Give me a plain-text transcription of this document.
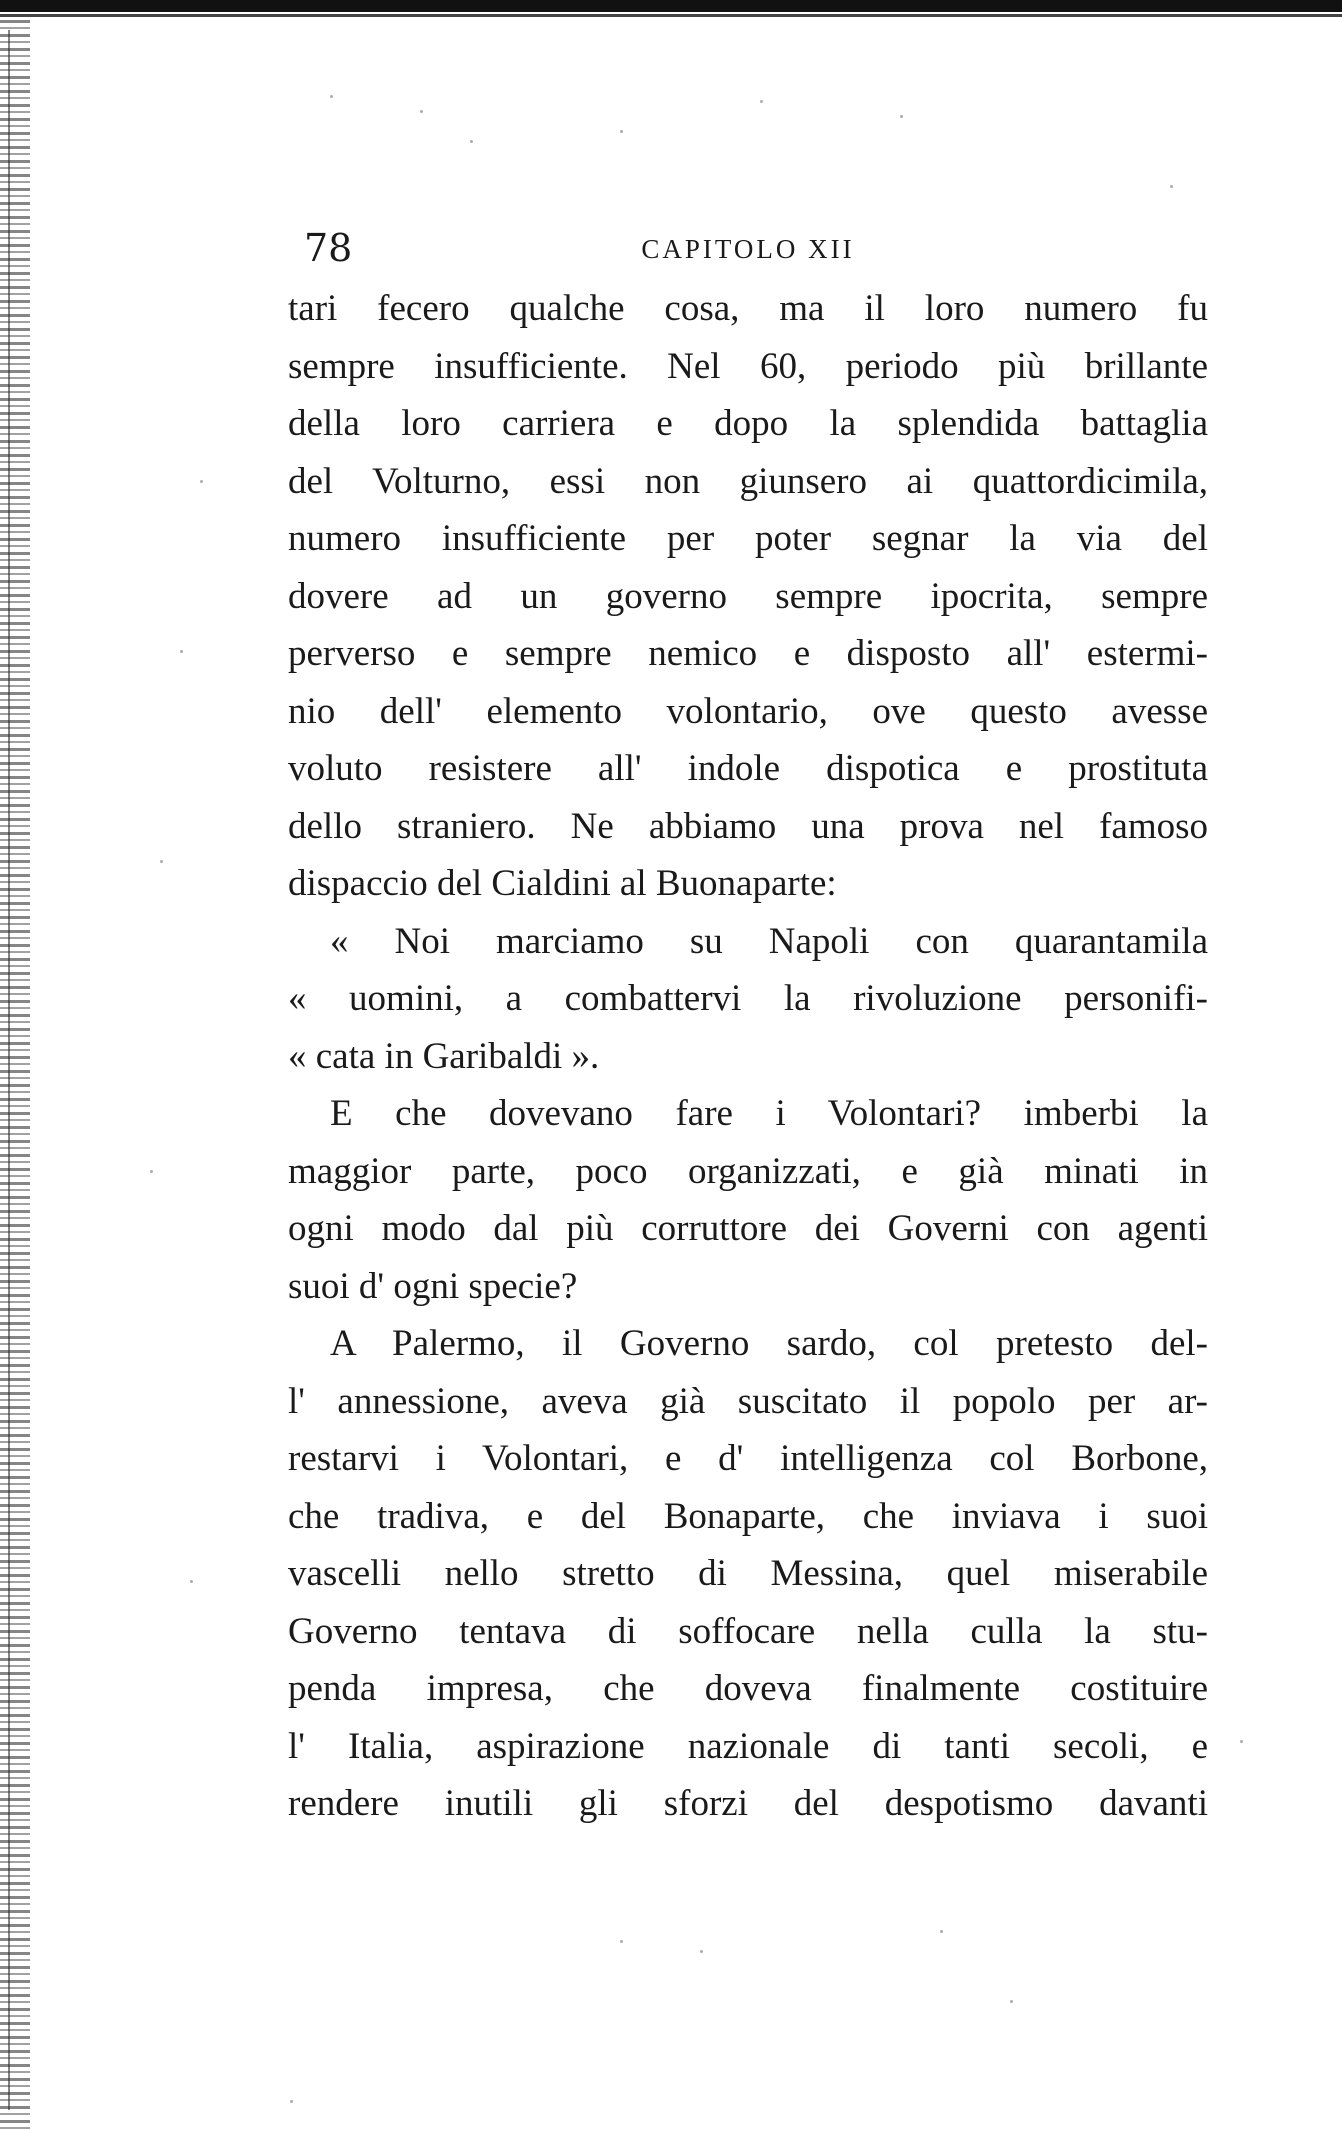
78	CAPITOLO XII
tari fecero qualche cosa, ma il loro numero fu
sempre insufficiente. Nel 60, periodo più brillante
della loro carriera e dopo la splendida battaglia
del Volturno, essi non giunsero ai quattordicimila,
numero insufficiente per poter segnar la via del
dovere ad un governo sempre ipocrita, sempre
perverso e sempre nemico e disposto all' estermi-
nio dell' elemento volontario, ove questo avesse
voluto resistere all' indole dispotica e prostituta
dello straniero. Ne abbiamo una prova nel famoso
dispaccio del Cialdini al Buonaparte:
« Noi marciamo su Napoli con quarantamila
« uomini, a combattervi la rivoluzione personifi-
« cata in Garibaldi ».
E che dovevano fare i Volontari? imberbi la
maggior parte, poco organizzati, e già minati in
ogni modo dal più corruttore dei Governi con agenti
suoi d' ogni specie?
A Palermo, il Governo sardo, col pretesto del-
l' annessione, aveva già suscitato il popolo per ar-
restarvi i Volontari, e d' intelligenza col Borbone,
che tradiva, e del Bonaparte, che inviava i suoi
vascelli nello stretto di Messina, quel miserabile
Governo tentava di soffocare nella culla la stu-
penda impresa, che doveva finalmente costituire
l' Italia, aspirazione nazionale di tanti secoli, e
rendere inutili gli sforzi del despotismo davanti
